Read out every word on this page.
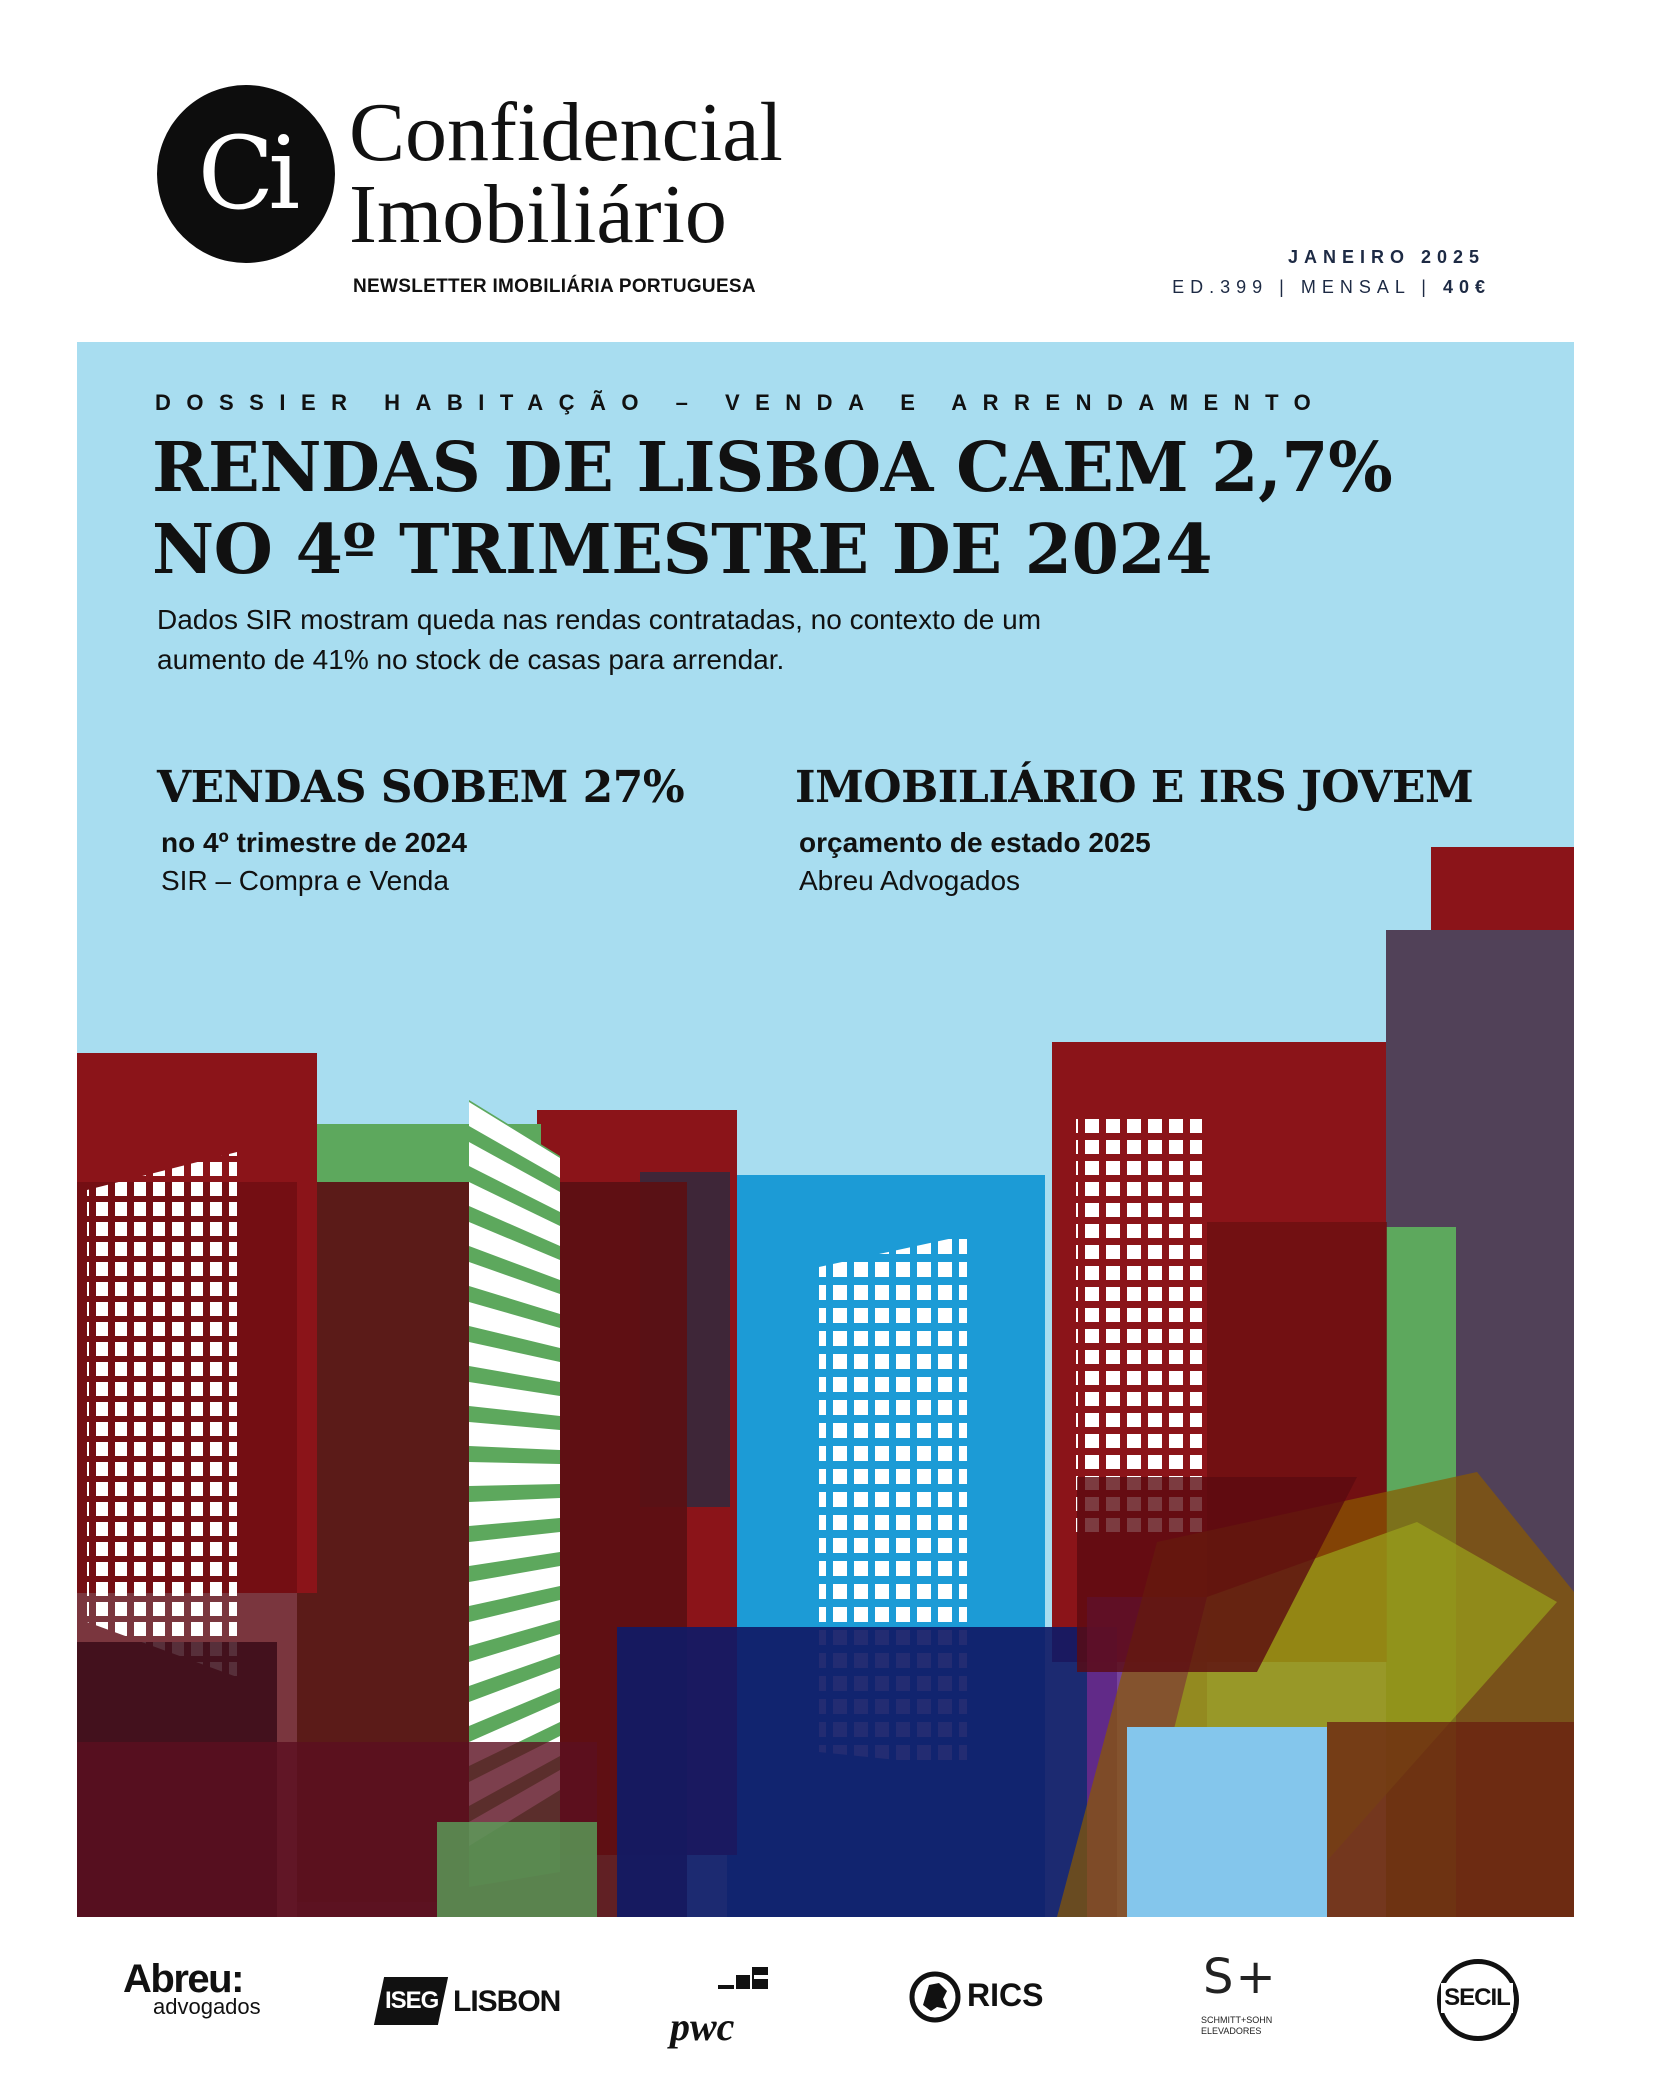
Ci Confidencial
Imobiliário
NEWSLETTER IMOBILIÁRIA PORTUGUESA
JANEIRO 2025
ED.399 | MENSAL | 40€
DOSSIER HABITAÇÃO – VENDA E ARRENDAMENTO
RENDAS DE LISBOA CAEM 2,7%
NO 4º TRIMESTRE DE 2024
Dados SIR mostram queda nas rendas contratadas, no contexto de um
aumento de 41% no stock de casas para arrendar.
VENDAS SOBEM 27%
no 4º trimestre de 2024
SIR – Compra e Venda
IMOBILIÁRIO E IRS JOVEM
orçamento de estado 2025
Abreu Advogados
Abreu:
advogados	ISEG LISBON
pwc
RICS	S+
SCHMITT+SOHN
ELEVADORES
SECIL
